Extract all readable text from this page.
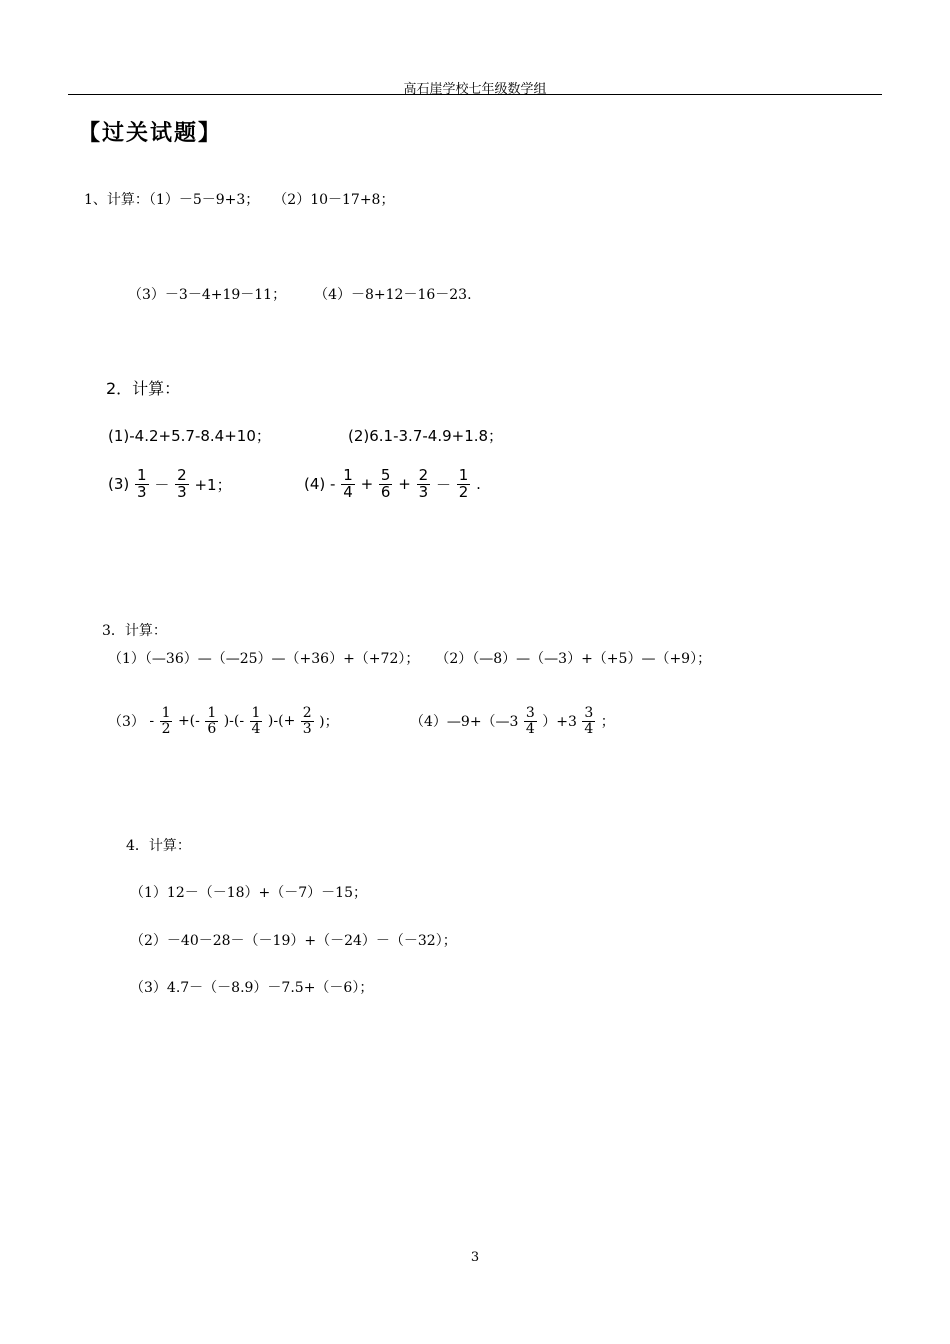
高石崖学校七年级数学组
【过关试题】
1、计算：（1）－5－9+3； （2）10－17+8；
（3）－3－4+19－11； （4）－8+12－16－23.
2．计算：
(1)-4.2+5.7-8.4+10；	(2)6.1-3.7-4.9+1.8；
$(3) \frac{1}{3} - \frac{2}{3} +1$；	$(4) - \frac{1}{4} + \frac{5}{6} + \frac{2}{3} - \frac{1}{2}$ .
3．计算：
（1）（—36）—（—25）—（+36）+（+72）； （2）（—8）—（—3）+（+5）—（+9）；
$(3) - \frac{1}{2}$ +(- $\frac{1}{6}$ )-(- $\frac{1}{4}$ )-(+ $\frac{2}{3}$ )；	（4）—9+（—3 $\frac{3}{4} )+3 \frac{3}{4}$ ；
4．计算：
（1）12－（－18）+（－7）－15；
（2）－40－28－（－19）+（－24）－（－32）；
（3）4.7－（－8.9）－7.5+（－6）；
3
